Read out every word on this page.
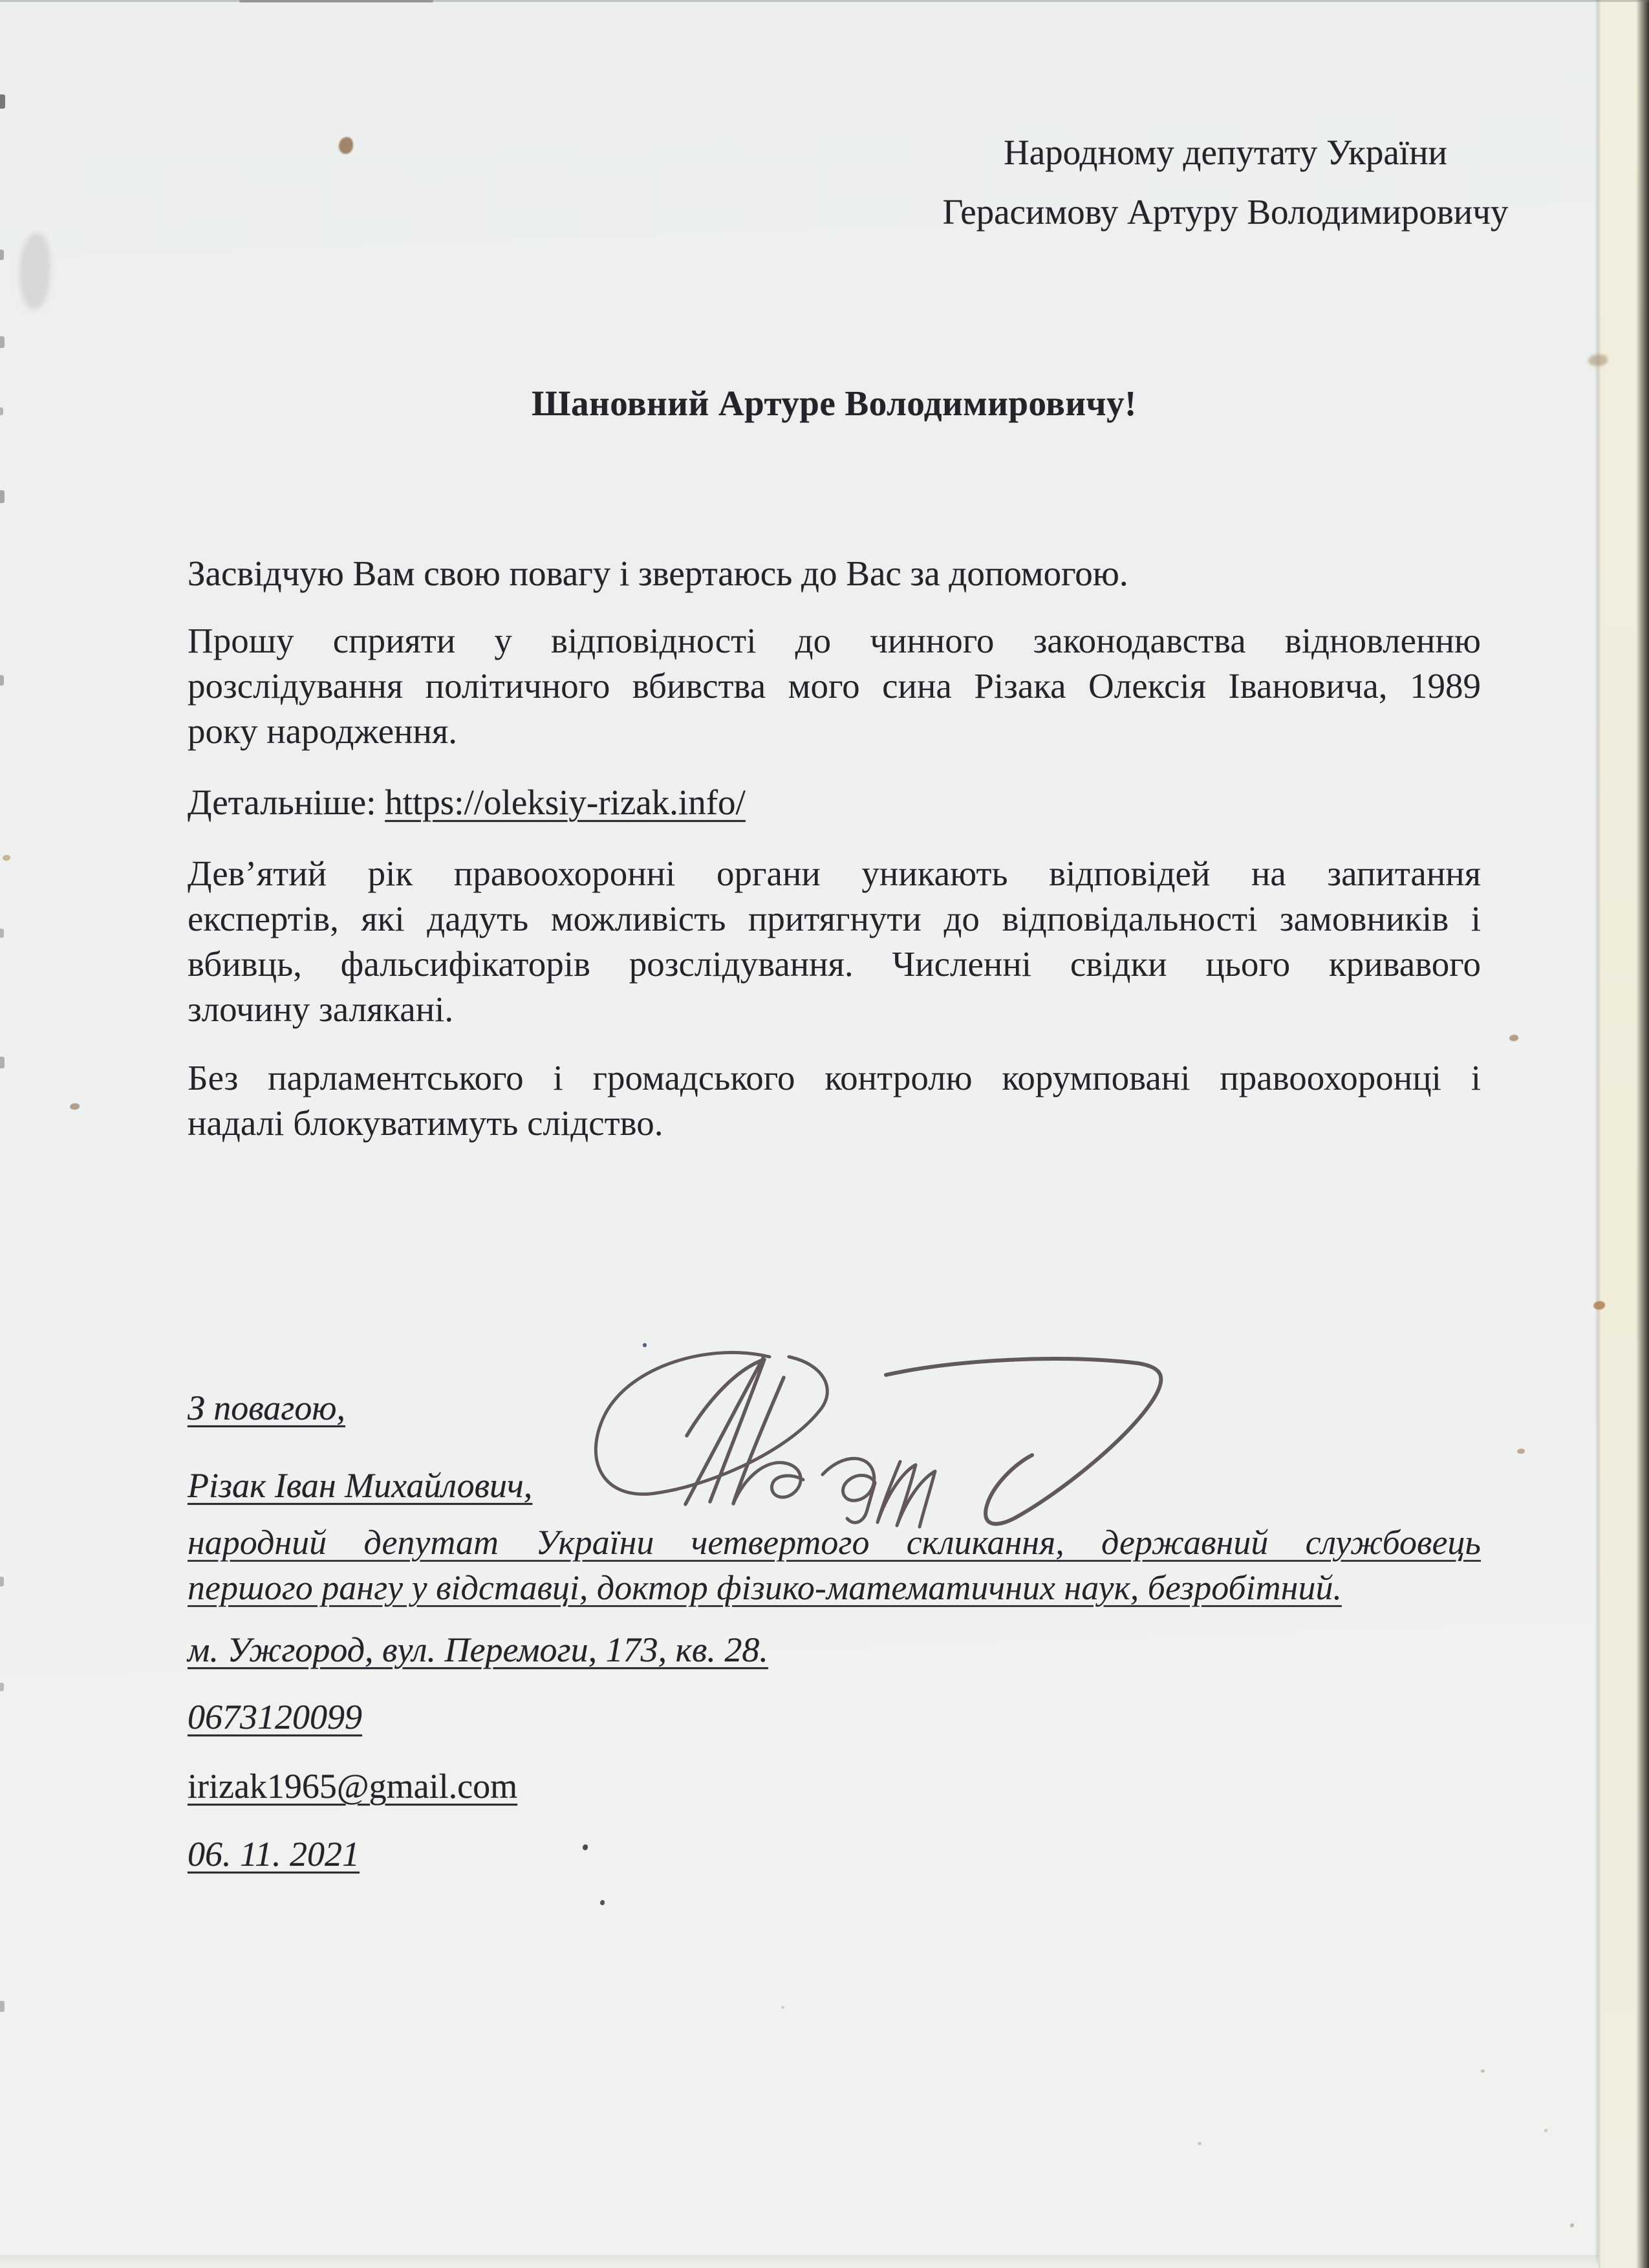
Народному депутату України
Герасимову Артуру Володимировичу
Шановний Артуре Володимировичу!
Засвідчую Вам свою повагу і звертаюсь до Вас за допомогою.
Прошу сприяти у відповідності до чинного законодавства відновленню
розслідування політичного вбивства мого сина Різака Олексія Івановича, 1989
року народження.
Детальніше: https://oleksiy-rizak.info/
Дев’ятий рік правоохоронні органи уникають відповідей на запитання
експертів, які дадуть можливість притягнути до відповідальності замовників і
вбивць, фальсифікаторів розслідування. Численні свідки цього кривавого
злочину залякані.
Без парламентського і громадського контролю корумповані правоохоронці і
надалі блокуватимуть слідство.
З повагою,
Різак Іван Михайлович,
народний депутат України четвертого скликання, державний службовець
першого рангу у відставці, доктор фізико-математичних наук, безробітний.
м. Ужгород, вул. Перемоги, 173, кв. 28.
0673120099
irizak1965@gmail.com
06. 11. 2021
